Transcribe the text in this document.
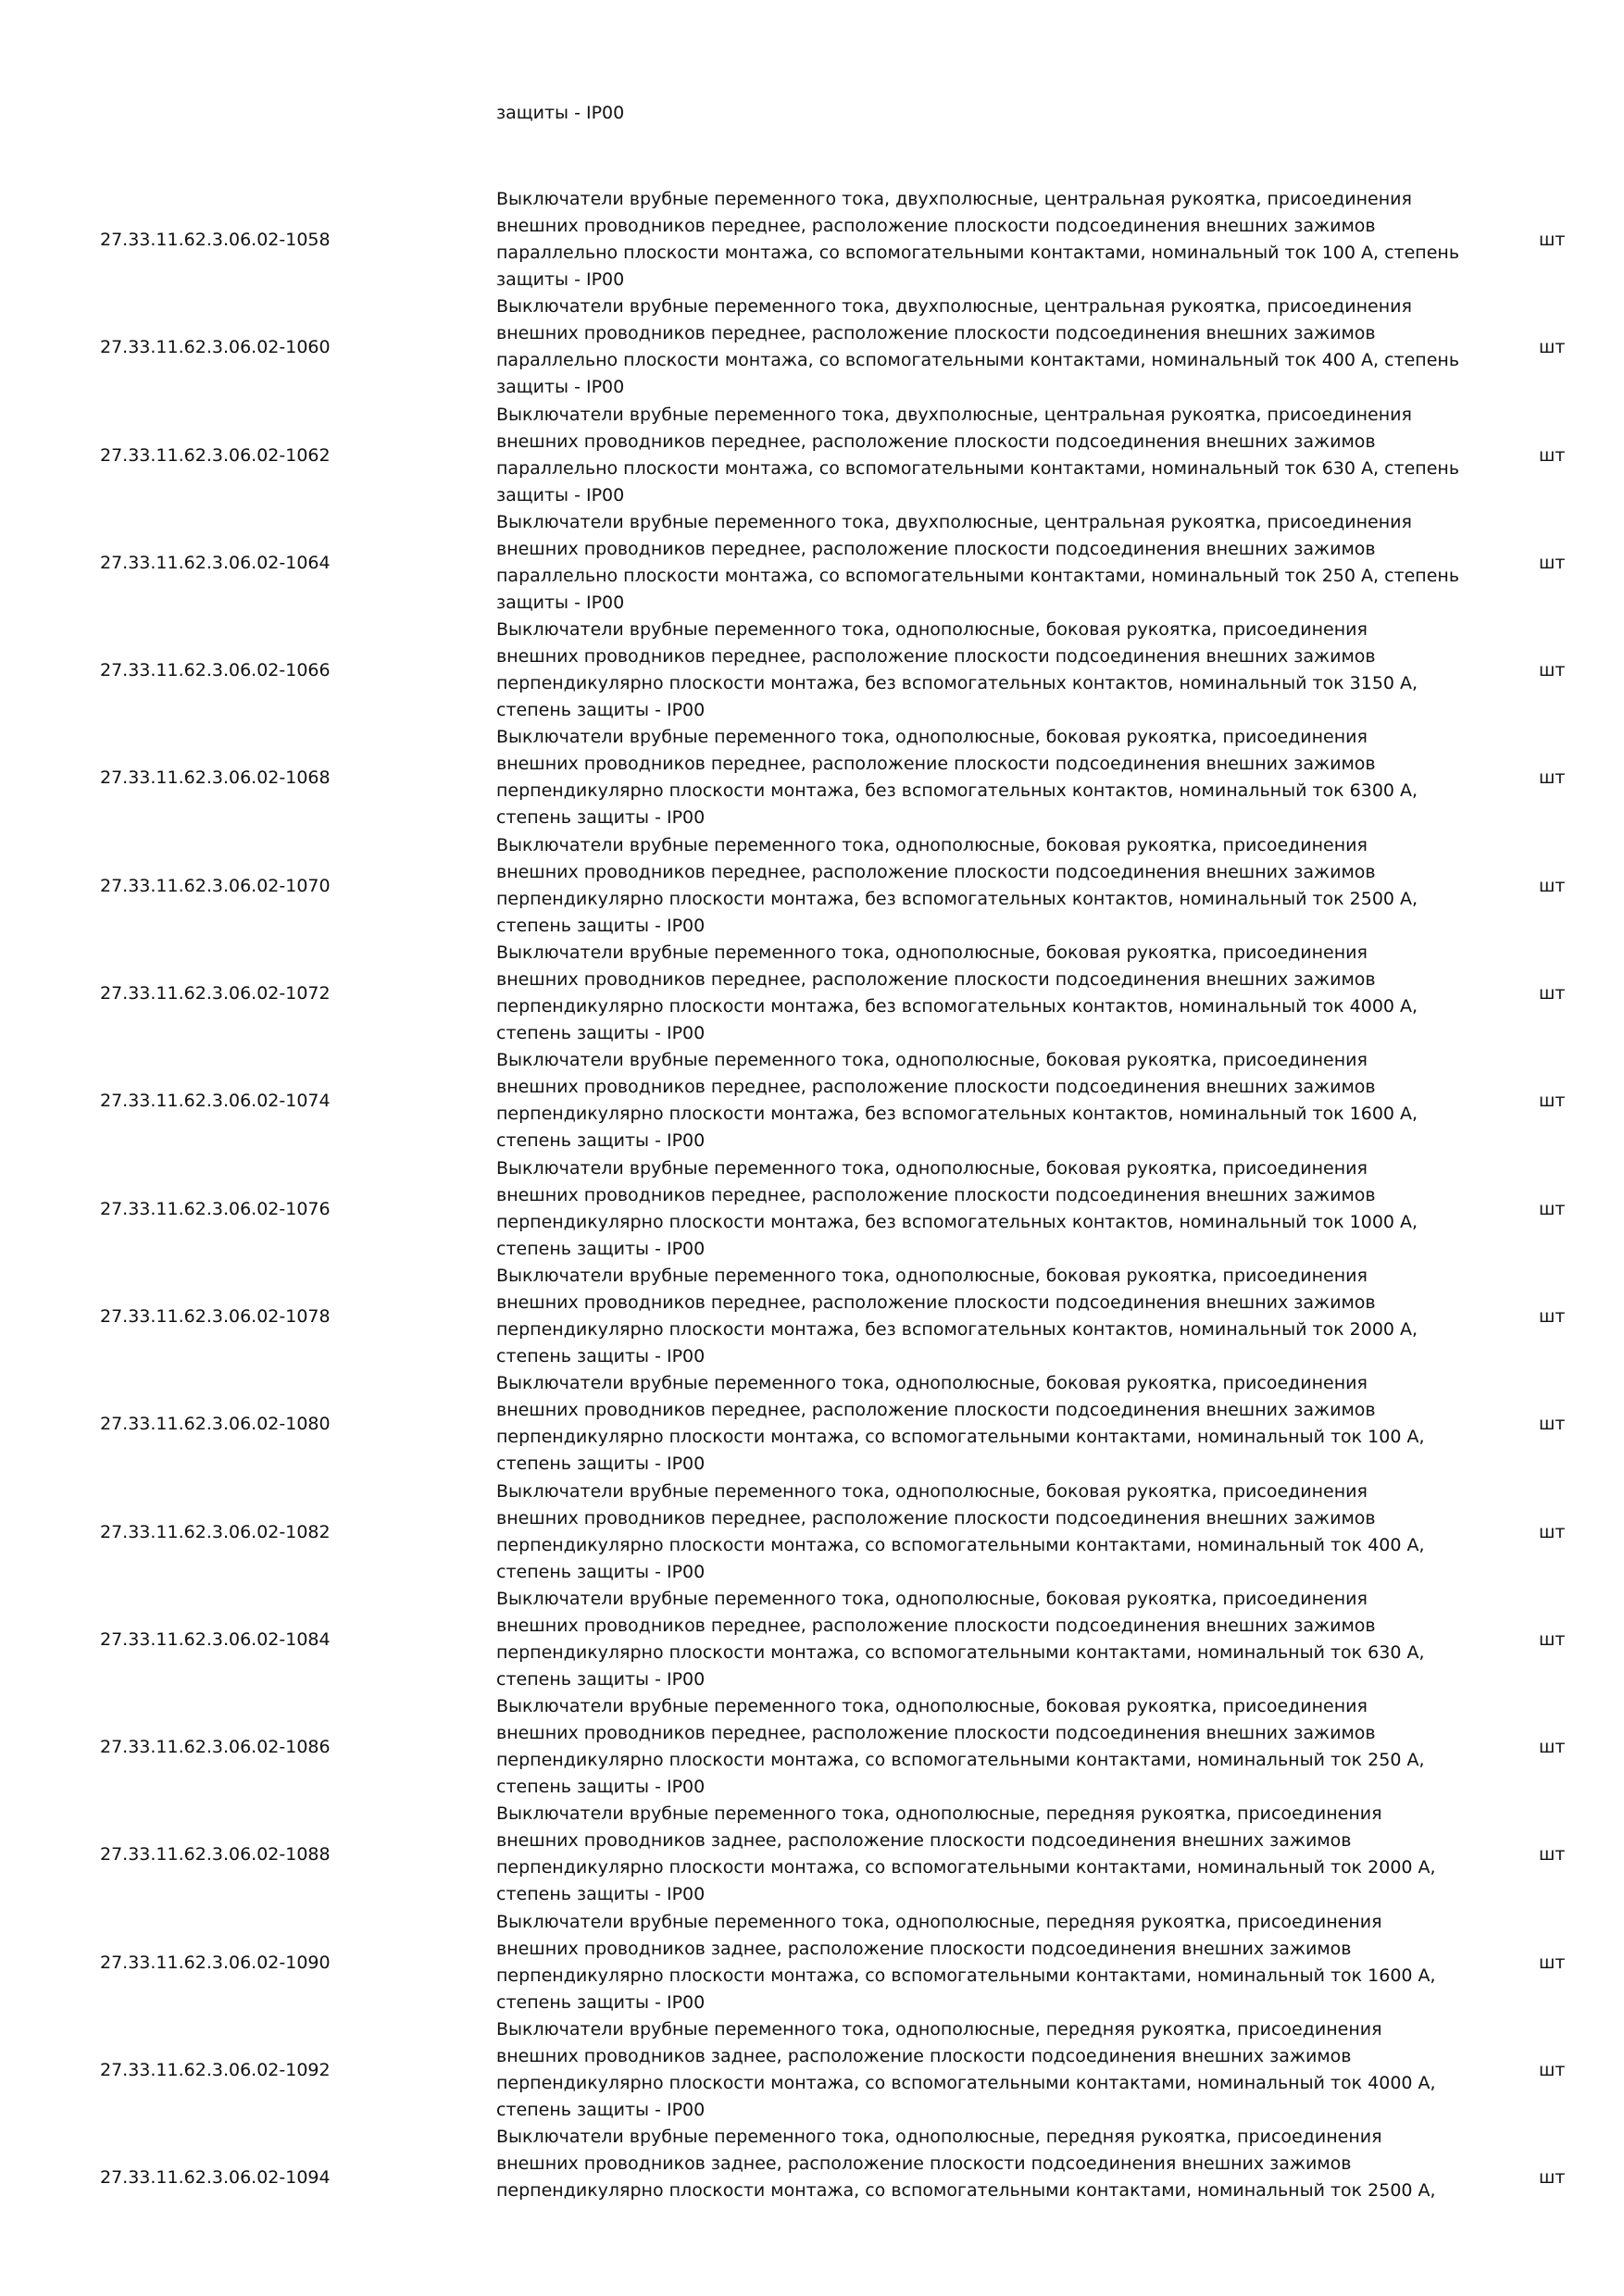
защиты - IP00
27.33.11.62.3.06.02-1058
Выключатели врубные переменного тока, двухполюсные, центральная рукоятка, присоединения
внешних проводников переднее, расположение плоскости подсоединения внешних зажимов
параллельно плоскости монтажа, со вспомогательными контактами, номинальный ток 100 А, степень
защиты - IP00
шт
27.33.11.62.3.06.02-1060
Выключатели врубные переменного тока, двухполюсные, центральная рукоятка, присоединения
внешних проводников переднее, расположение плоскости подсоединения внешних зажимов
параллельно плоскости монтажа, со вспомогательными контактами, номинальный ток 400 А, степень
защиты - IP00
шт
27.33.11.62.3.06.02-1062
Выключатели врубные переменного тока, двухполюсные, центральная рукоятка, присоединения
внешних проводников переднее, расположение плоскости подсоединения внешних зажимов
параллельно плоскости монтажа, со вспомогательными контактами, номинальный ток 630 А, степень
защиты - IP00
шт
27.33.11.62.3.06.02-1064
Выключатели врубные переменного тока, двухполюсные, центральная рукоятка, присоединения
внешних проводников переднее, расположение плоскости подсоединения внешних зажимов
параллельно плоскости монтажа, со вспомогательными контактами, номинальный ток 250 А, степень
защиты - IP00
шт
27.33.11.62.3.06.02-1066
Выключатели врубные переменного тока, однополюсные, боковая рукоятка, присоединения
внешних проводников переднее, расположение плоскости подсоединения внешних зажимов
перпендикулярно плоскости монтажа, без вспомогательных контактов, номинальный ток 3150 А,
степень защиты - IP00
шт
27.33.11.62.3.06.02-1068
Выключатели врубные переменного тока, однополюсные, боковая рукоятка, присоединения
внешних проводников переднее, расположение плоскости подсоединения внешних зажимов
перпендикулярно плоскости монтажа, без вспомогательных контактов, номинальный ток 6300 А,
степень защиты - IP00
шт
27.33.11.62.3.06.02-1070
Выключатели врубные переменного тока, однополюсные, боковая рукоятка, присоединения
внешних проводников переднее, расположение плоскости подсоединения внешних зажимов
перпендикулярно плоскости монтажа, без вспомогательных контактов, номинальный ток 2500 А,
степень защиты - IP00
шт
27.33.11.62.3.06.02-1072
Выключатели врубные переменного тока, однополюсные, боковая рукоятка, присоединения
внешних проводников переднее, расположение плоскости подсоединения внешних зажимов
перпендикулярно плоскости монтажа, без вспомогательных контактов, номинальный ток 4000 А,
степень защиты - IP00
шт
27.33.11.62.3.06.02-1074
Выключатели врубные переменного тока, однополюсные, боковая рукоятка, присоединения
внешних проводников переднее, расположение плоскости подсоединения внешних зажимов
перпендикулярно плоскости монтажа, без вспомогательных контактов, номинальный ток 1600 А,
степень защиты - IP00
шт
27.33.11.62.3.06.02-1076
Выключатели врубные переменного тока, однополюсные, боковая рукоятка, присоединения
внешних проводников переднее, расположение плоскости подсоединения внешних зажимов
перпендикулярно плоскости монтажа, без вспомогательных контактов, номинальный ток 1000 А,
степень защиты - IP00
шт
27.33.11.62.3.06.02-1078
Выключатели врубные переменного тока, однополюсные, боковая рукоятка, присоединения
внешних проводников переднее, расположение плоскости подсоединения внешних зажимов
перпендикулярно плоскости монтажа, без вспомогательных контактов, номинальный ток 2000 А,
степень защиты - IP00
шт
27.33.11.62.3.06.02-1080
Выключатели врубные переменного тока, однополюсные, боковая рукоятка, присоединения
внешних проводников переднее, расположение плоскости подсоединения внешних зажимов
перпендикулярно плоскости монтажа, со вспомогательными контактами, номинальный ток 100 А,
степень защиты - IP00
шт
27.33.11.62.3.06.02-1082
Выключатели врубные переменного тока, однополюсные, боковая рукоятка, присоединения
внешних проводников переднее, расположение плоскости подсоединения внешних зажимов
перпендикулярно плоскости монтажа, со вспомогательными контактами, номинальный ток 400 А,
степень защиты - IP00
шт
27.33.11.62.3.06.02-1084
Выключатели врубные переменного тока, однополюсные, боковая рукоятка, присоединения
внешних проводников переднее, расположение плоскости подсоединения внешних зажимов
перпендикулярно плоскости монтажа, со вспомогательными контактами, номинальный ток 630 А,
степень защиты - IP00
шт
27.33.11.62.3.06.02-1086
Выключатели врубные переменного тока, однополюсные, боковая рукоятка, присоединения
внешних проводников переднее, расположение плоскости подсоединения внешних зажимов
перпендикулярно плоскости монтажа, со вспомогательными контактами, номинальный ток 250 А,
степень защиты - IP00
шт
27.33.11.62.3.06.02-1088
Выключатели врубные переменного тока, однополюсные, передняя рукоятка, присоединения
внешних проводников заднее, расположение плоскости подсоединения внешних зажимов
перпендикулярно плоскости монтажа, со вспомогательными контактами, номинальный ток 2000 А,
степень защиты - IP00
шт
27.33.11.62.3.06.02-1090
Выключатели врубные переменного тока, однополюсные, передняя рукоятка, присоединения
внешних проводников заднее, расположение плоскости подсоединения внешних зажимов
перпендикулярно плоскости монтажа, со вспомогательными контактами, номинальный ток 1600 А,
степень защиты - IP00
шт
27.33.11.62.3.06.02-1092
Выключатели врубные переменного тока, однополюсные, передняя рукоятка, присоединения
внешних проводников заднее, расположение плоскости подсоединения внешних зажимов
перпендикулярно плоскости монтажа, со вспомогательными контактами, номинальный ток 4000 А,
степень защиты - IP00
шт
27.33.11.62.3.06.02-1094
Выключатели врубные переменного тока, однополюсные, передняя рукоятка, присоединения
внешних проводников заднее, расположение плоскости подсоединения внешних зажимов
перпендикулярно плоскости монтажа, со вспомогательными контактами, номинальный ток 2500 А,
шт
